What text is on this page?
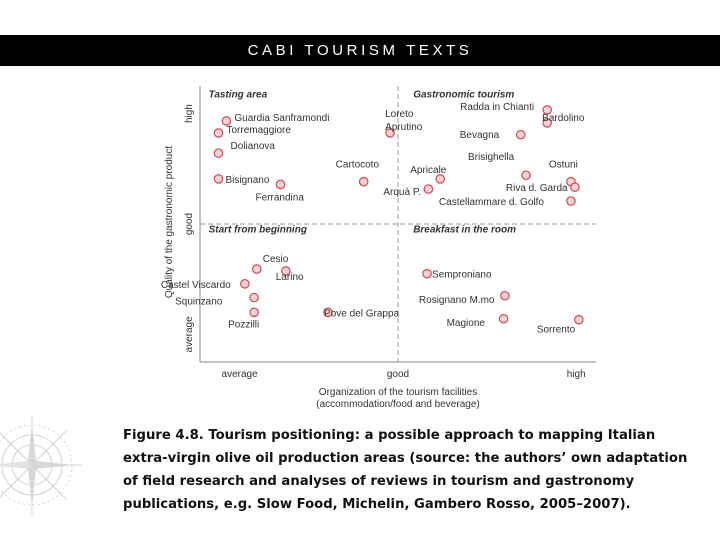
CABI TOURISM TEXTS
Tasting area	Gastronomic tourism
Start from beginning	Breakfast in the room
average	good	high
average
good
high
Organization of the tourism facilities
(accommodation/food and beverage)
Quality of the gastronomic product
Guardia Sanframondi
Torremaggiore
Dolianova
Bisignano
Ferrandina
Loreto
Aprutino
Radda in Chianti
Bardolino
Bevagna
Cartocoto	Apricale
Brisighella
Ostuni
Arquà P.	Riva d. Garda
Castellammare d. Golfo
Cesio
Larino
Castel Viscardo
Squinzano
Pozzilli
Pove del Grappa
Semproniano
Rosignano M.mo
Magione
Sorrento
Figure 4.8. Tourism positioning: a possible approach to mapping Italian extra-virgin olive oil production areas (source: the authors’ own adaptation of field research and analyses of reviews in tourism and gastronomy publications, e.g. Slow Food, Michelin, Gambero Rosso, 2005–2007).
